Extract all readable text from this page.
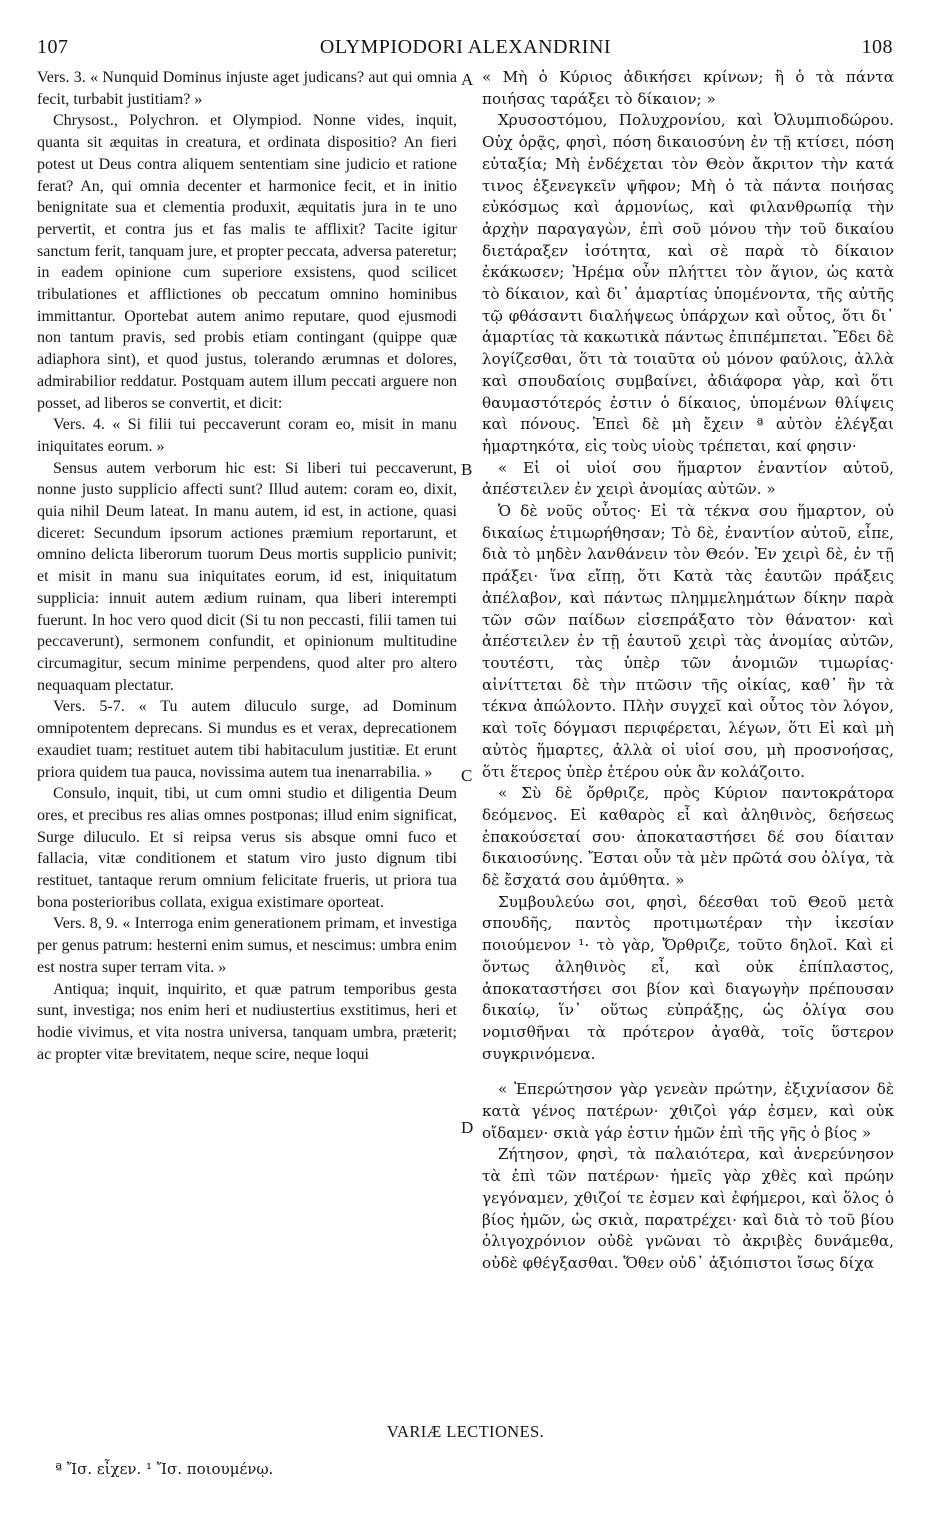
107	OLYMPIODORI ALEXANDRINI	108
A
B
C
D

Vers. 3. « Nunquid Dominus injuste aget judicans? aut qui omnia fecit, turbabit justitiam? »

Chrysost., Polychron. et Olympiod. Nonne vides, inquit, quanta sit æquitas in creatura, et ordinata dispositio? An fieri potest ut Deus contra aliquem sententiam sine judicio et ratione ferat? An, qui omnia decenter et harmonice fecit, et in initio benignitate sua et clementia produxit, æquitatis jura in te uno pervertit, et contra jus et fas malis te afflixit? Tacite igitur sanctum ferit, tanquam jure, et propter peccata, adversa pateretur; in eadem opinione cum superiore exsistens, quod scilicet tribulationes et afflictiones ob peccatum omnino hominibus immittantur. Oportebat autem animo reputare, quod ejusmodi non tantum pravis, sed probis etiam contingant (quippe quæ adiaphora sint), et quod justus, tolerando ærumnas et dolores, admirabilior reddatur. Postquam autem illum peccati arguere non posset, ad liberos se convertit, et dicit:

Vers. 4. « Si filii tui peccaverunt coram eo, misit in manu iniquitates eorum. »

Sensus autem verborum hic est: Si liberi tui peccaverunt, nonne justo supplicio affecti sunt? Illud autem: coram eo, dixit, quia nihil Deum lateat. In manu autem, id est, in actione, quasi diceret: Secundum ipsorum actiones præmium reportarunt, et omnino delicta liberorum tuorum Deus mortis supplicio punivit; et misit in manu sua iniquitates eorum, id est, iniquitatum supplicia: innuit autem ædium ruinam, qua liberi interempti fuerunt. In hoc vero quod dicit (Si tu non peccasti, filii tamen tui peccaverunt), sermonem confundit, et opinionum multitudine circumagitur, secum minime perpendens, quod alter pro altero nequaquam plectatur.

Vers. 5-7. « Tu autem diluculo surge, ad Dominum omnipotentem deprecans. Si mundus es et verax, deprecationem exaudiet tuam; restituet autem tibi habitaculum justitiæ. Et erunt priora quidem tua pauca, novissima autem tua inenarrabilia. »

Consulo, inquit, tibi, ut cum omni studio et diligentia Deum ores, et precibus res alias omnes postponas; illud enim significat, Surge diluculo. Et si reipsa verus sis absque omni fuco et fallacia, vitæ conditionem et statum viro justo dignum tibi restituet, tantaque rerum omnium felicitate frueris, ut priora tua bona posterioribus collata, exigua existimare oporteat.

Vers. 8, 9. « Interroga enim generationem primam, et investiga per genus patrum: hesterni enim sumus, et nescimus: umbra enim est nostra super terram vita. »

Antiqua; inquit, inquirito, et quæ patrum temporibus gesta sunt, investiga; nos enim heri et nudiustertius exstitimus, heri et hodie vivimus, et vita nostra universa, tanquam umbra, præterit; ac propter vitæ brevitatem, neque scire, neque loqui

« Μὴ ὁ Κύριος ἀδικήσει κρίνων; ἢ ὁ τὰ πάντα ποιήσας ταράξει τὸ δίκαιον; »

Χρυσοστόμου, Πολυχρονίου, καὶ Ὀλυμπιοδώρου. Οὐχ ὁρᾷς, φησὶ, πόση δικαιοσύνη ἐν τῇ κτίσει, πόση εὐταξία; Μὴ ἐνδέχεται τὸν Θεὸν ἄκριτον τὴν κατά τινος ἐξενεγκεῖν ψῆφον; Μὴ ὁ τὰ πάντα ποιήσας εὐκόσμως καὶ ἁρμονίως, καὶ φιλανθρωπίᾳ τὴν ἀρχὴν παραγαγὼν, ἐπὶ σοῦ μόνου τὴν τοῦ δικαίου διετάραξεν ἰσότητα, καὶ σὲ παρὰ τὸ δίκαιον ἐκάκωσεν; Ἠρέμα οὖν πλήττει τὸν ἅγιον, ὡς κατὰ τὸ δίκαιον, καὶ δι᾽ ἁμαρτίας ὑπομένοντα, τῆς αὐτῆς τῷ φθάσαντι διαλήψεως ὑπάρχων καὶ οὗτος, ὅτι δι᾽ ἁμαρτίας τὰ κακωτικὰ πάντως ἐπιπέμπεται. Ἔδει δὲ λογίζεσθαι, ὅτι τὰ τοιαῦτα οὐ μόνον φαύλοις, ἀλλὰ καὶ σπουδαίοις συμβαίνει, ἀδιάφορα γὰρ, καὶ ὅτι θαυμαστότερός ἐστιν ὁ δίκαιος, ὑπομένων θλίψεις καὶ πόνους. Ἐπεὶ δὲ μὴ ἔχειν ª αὐτὸν ἐλέγξαι ἡμαρτηκότα, εἰς τοὺς υἱοὺς τρέπεται, καί φησιν·

« Εἰ οἱ υἱοί σου ἥμαρτον ἐναντίον αὐτοῦ, ἀπέστειλεν ἐν χειρὶ ἀνομίας αὐτῶν. »

Ὁ δὲ νοῦς οὗτος· Εἰ τὰ τέκνα σου ἥμαρτον, οὐ δικαίως ἐτιμωρήθησαν; Τὸ δὲ, ἐναντίον αὐτοῦ, εἶπε, διὰ τὸ μηδὲν λανθάνειν τὸν Θεόν. Ἐν χειρὶ δὲ, ἐν τῇ πράξει· ἵνα εἴπῃ, ὅτι Κατὰ τὰς ἑαυτῶν πράξεις ἀπέλαβον, καὶ πάντως πλημμελημάτων δίκην παρὰ τῶν σῶν παίδων εἰσεπράξατο τὸν θάνατον· καὶ ἀπέστειλεν ἐν τῇ ἑαυτοῦ χειρὶ τὰς ἀνομίας αὐτῶν, τουτέστι, τὰς ὑπὲρ τῶν ἀνομιῶν τιμωρίας· αἰνίττεται δὲ τὴν πτῶσιν τῆς οἰκίας, καθ᾽ ἣν τὰ τέκνα ἀπώλοντο. Πλὴν συγχεῖ καὶ οὗτος τὸν λόγον, καὶ τοῖς δόγμασι περιφέρεται, λέγων, ὅτι Εἰ καὶ μὴ αὐτὸς ἥμαρτες, ἀλλὰ οἱ υἱοί σου, μὴ προσνοήσας, ὅτι ἕτερος ὑπὲρ ἑτέρου οὐκ ἂν κολάζοιτο.

« Σὺ δὲ ὄρθριζε, πρὸς Κύριον παντοκράτορα δεόμενος. Εἰ καθαρὸς εἶ καὶ ἀληθινὸς, δεήσεως ἐπακούσεταί σου· ἀποκαταστήσει δέ σου δίαιταν δικαιοσύνης. Ἔσται οὖν τὰ μὲν πρῶτά σου ὀλίγα, τὰ δὲ ἔσχατά σου ἀμύθητα. »

Συμβουλεύω σοι, φησὶ, δέεσθαι τοῦ Θεοῦ μετὰ σπουδῆς, παντὸς προτιμωτέραν τὴν ἱκεσίαν ποιούμενον ¹· τὸ γὰρ, Ὄρθριζε, τοῦτο δηλοῖ. Καὶ εἰ ὄντως ἀληθινὸς εἶ, καὶ οὐκ ἐπίπλαστος, ἀποκαταστήσει σοι βίον καὶ διαγωγὴν πρέπουσαν δικαίῳ, ἵν᾽ οὕτως εὐπράξῃς, ὡς ὀλίγα σου νομισθῆναι τὰ πρότερον ἀγαθὰ, τοῖς ὕστερον συγκρινόμενα.

« Ἐπερώτησον γὰρ γενεὰν πρώτην, ἐξιχνίασον δὲ κατὰ γένος πατέρων· χθιζοὶ γάρ ἐσμεν, καὶ οὐκ οἴδαμεν· σκιὰ γάρ ἐστιν ἡμῶν ἐπὶ τῆς γῆς ὁ βίος »

Ζήτησον, φησὶ, τὰ παλαιότερα, καὶ ἀνερεύνησον τὰ ἐπὶ τῶν πατέρων· ἡμεῖς γὰρ χθὲς καὶ πρώην γεγόναμεν, χθιζοί τε ἐσμεν καὶ ἐφήμεροι, καὶ ὅλος ὁ βίος ἡμῶν, ὡς σκιὰ, παρατρέχει· καὶ διὰ τὸ τοῦ βίου ὀλιγοχρόνιον οὐδὲ γνῶναι τὸ ἀκριβὲς δυνάμεθα, οὐδὲ φθέγξασθαι. Ὅθεν οὐδ᾽ ἀξιόπιστοι ἴσως δίχα

VARIÆ LECTIONES.
ª Ἴσ. εἶχεν. ¹ Ἴσ. ποιουμένῳ.
